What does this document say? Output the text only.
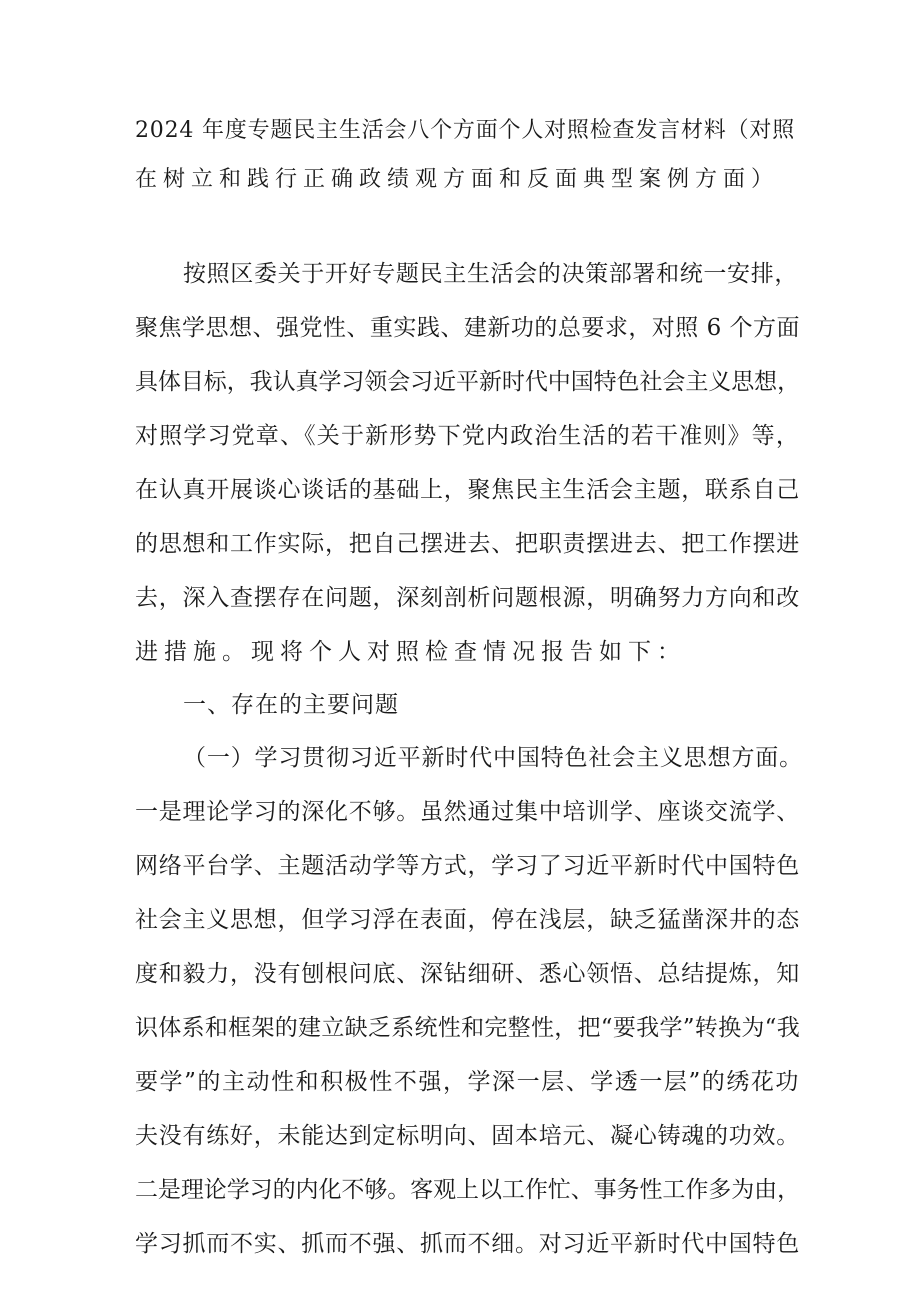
2024 年度专题民主生活会八个方面个人对照检查发言材料（对照
在树立和践行正确政绩观方面和反面典型案例方面）
按照区委关于开好专题民主生活会的决策部署和统一安排，
聚焦学思想、强党性、重实践、建新功的总要求，对照 6 个方面
具体目标，我认真学习领会习近平新时代中国特色社会主义思想，
对照学习党章、《关于新形势下党内政治生活的若干准则》等，
在认真开展谈心谈话的基础上，聚焦民主生活会主题，联系自己
的思想和工作实际，把自己摆进去、把职责摆进去、把工作摆进
去，深入查摆存在问题，深刻剖析问题根源，明确努力方向和改
进措施。现将个人对照检查情况报告如下：
一、存在的主要问题
（一）学习贯彻习近平新时代中国特色社会主义思想方面。
一是理论学习的深化不够。虽然通过集中培训学、座谈交流学、
网络平台学、主题活动学等方式，学习了习近平新时代中国特色
社会主义思想，但学习浮在表面，停在浅层，缺乏猛凿深井的态
度和毅力，没有刨根问底、深钻细研、悉心领悟、总结提炼，知
识体系和框架的建立缺乏系统性和完整性，把“要我学”转换为“我
要学”的主动性和积极性不强，学深一层、学透一层”的绣花功
夫没有练好，未能达到定标明向、固本培元、凝心铸魂的功效。
二是理论学习的内化不够。客观上以工作忙、事务性工作多为由，
学习抓而不实、抓而不强、抓而不细。对习近平新时代中国特色
